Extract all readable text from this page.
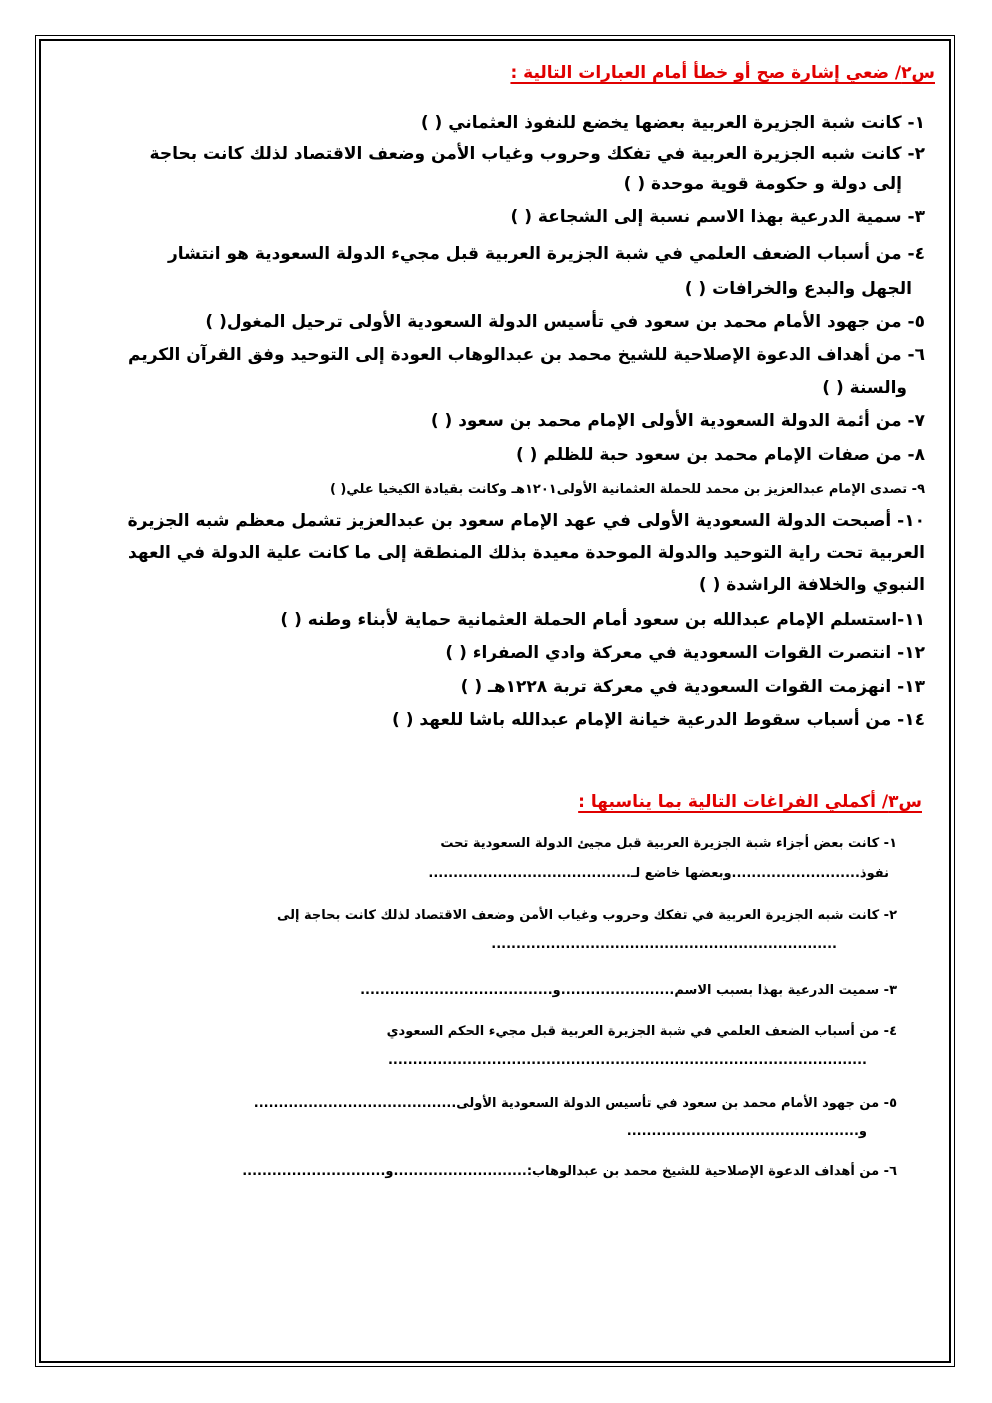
س٢/ ضعي إشارة صح أو خطأ أمام العبارات التالية :
١- كانت شبة الجزيرة العربية بعضها يخضع للنفوذ العثماني ( )
٢- كانت شبه الجزيرة العربية في تفكك وحروب وغياب الأمن وضعف الاقتصاد لذلك كانت بحاجة
إلى دولة و حكومة قوية موحدة ( )
٣- سمية الدرعية بهذا الاسم نسبة إلى الشجاعة ( )
٤- من أسباب الضعف العلمي في شبة الجزيرة العربية قبل مجيء الدولة السعودية هو انتشار
الجهل والبدع والخرافات ( )
٥- من جهود الأمام محمد بن سعود في تأسيس الدولة السعودية الأولى ترحيل المغول( )
٦- من أهداف الدعوة الإصلاحية للشيخ محمد بن عبدالوهاب العودة إلى التوحيد وفق القرآن الكريم
والسنة ( )
٧- من أئمة الدولة السعودية الأولى الإمام محمد بن سعود ( )
٨- من صفات الإمام محمد بن سعود حبة للظلم ( )
٩- تصدى الإمام عبدالعزيز بن محمد للحملة العثمانية الأولى١٢٠١هـ وكانت بقيادة الكيخيا علي( )
١٠- أصبحت الدولة السعودية الأولى في عهد الإمام سعود بن عبدالعزيز تشمل معظم شبه الجزيرة
العربية تحت راية التوحيد والدولة الموحدة معيدة بذلك المنطقة إلى ما كانت علية الدولة في العهد
النبوي والخلافة الراشدة ( )
١١-استسلم الإمام عبدالله بن سعود أمام الحملة العثمانية حماية لأبناء وطنه ( )
١٢- انتصرت القوات السعودية في معركة وادي الصفراء ( )
١٣- انهزمت القوات السعودية في معركة تربة ١٢٢٨هـ ( )
١٤- من أسباب سقوط الدرعية خيانة الإمام عبدالله باشا للعهد ( )
س٣/ أكملي الفراغات التالية بما يناسبها :
١- كانت بعض أجزاء شبة الجزيرة العربية قبل مجيئ الدولة السعودية تحت
نفوذ..........................وبعضها خاضع لـ.........................................
٢- كانت شبه الجزيرة العربية في تفكك وحروب وغياب الأمن وضعف الاقتصاد لذلك كانت بحاجة إلى
......................................................................
٣- سميت الدرعية بهذا بسبب الاسم.......................و.......................................
٤- من أسباب الضعف العلمي في شبة الجزيرة العربية قبل مجيء الحكم السعودي
.................................................................................................
٥- من جهود الأمام محمد بن سعود في تأسيس الدولة السعودية الأولى.........................................
و...............................................
٦- من أهداف الدعوة الإصلاحية للشيخ محمد بن عبدالوهاب:...........................و.............................
